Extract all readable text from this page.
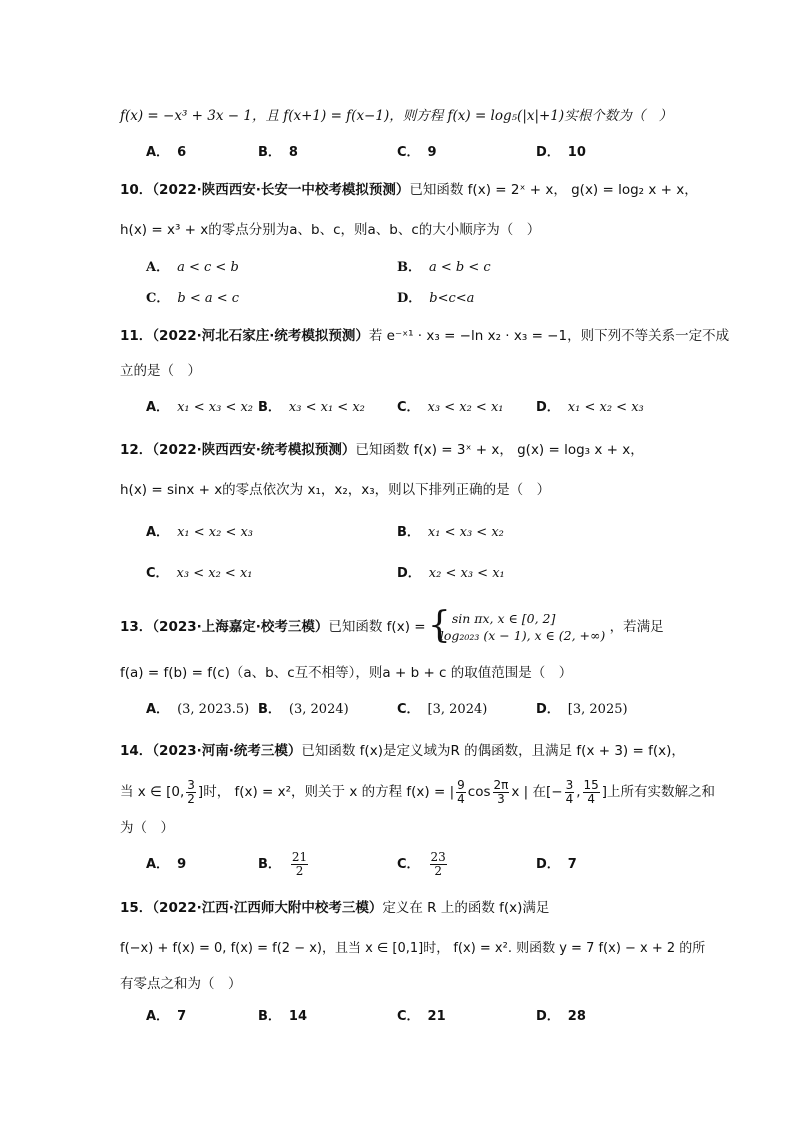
f(x) = −x³ + 3x − 1，且 f(x+1) = f(x−1)，则方程 f(x) = log₅(|x|+1)实根个数为（　）
A． 6	B． 8	C． 9	D． 10
10．（2022·陕西西安·长安一中校考模拟预测）已知函数 f(x) = 2ˣ + x， g(x) = log₂ x + x，
h(x) = x³ + x的零点分别为a、b、c，则a、b、c的大小顺序为（　）
A． a < c < b	B． a < b < c
C． b < a < c	D． b<c<a
11．（2022·河北石家庄·统考模拟预测）若 e⁻ˣ¹ · x₃ = −ln x₂ · x₃ = −1，则下列不等关系一定不成
立的是（　）
A． x₁ < x₃ < x₂ B． x₃ < x₁ < x₂ C． x₃ < x₂ < x₁	D． x₁ < x₂ < x₃
12．（2022·陕西西安·统考模拟预测）已知函数 f(x) = 3ˣ + x， g(x) = log₃ x + x，
h(x) = sinx + x的零点依次为 x₁，x₂，x₃，则以下排列正确的是（　）
A． x₁ < x₂ < x₃	B． x₁ < x₃ < x₂
C． x₃ < x₂ < x₁	D． x₂ < x₃ < x₁
13．（2023·上海嘉定·校考三模）已知函数 f(x) =
{ sin πx, x ∈ [0, 2]
log₂₀₂₃ (x − 1), x ∈ (2, +∞)
，若满足
f(a) = f(b) = f(c)（a、b、c互不相等），则a + b + c 的取值范围是（　）
A． (3, 2023.5) B． (3, 2024)	C． [3, 2024)	D． [3, 2025)
14．（2023·河南·统考三模）已知函数 f(x)是定义域为R 的偶函数，且满足 f(x + 3) = f(x)，
当 x ∈ [0, $\frac{3}{2}$ ]时， f(x) = x²，则关于 x 的方程 f(x) = | $\frac{9}{4}$ $\cos \frac{2\pi}{3}$ x | 在[− $\frac{3}{4}$ , $\frac{15}{4}$ ]上所有实数解之和
为（　）
A． 9	B． $\frac{21}{2}$	C． $\frac{23}{2}$	D． 7
15．（2022·江西·江西师大附中校考三模）定义在 R 上的函数 f(x)满足
f(−x) + f(x) = 0, f(x) = f(2 − x)，且当 x ∈ [0,1]时， f(x) = x². 则函数 y = 7 f(x) − x + 2 的所
有零点之和为（　）
A． 7	B． 14	C． 21	D． 28
